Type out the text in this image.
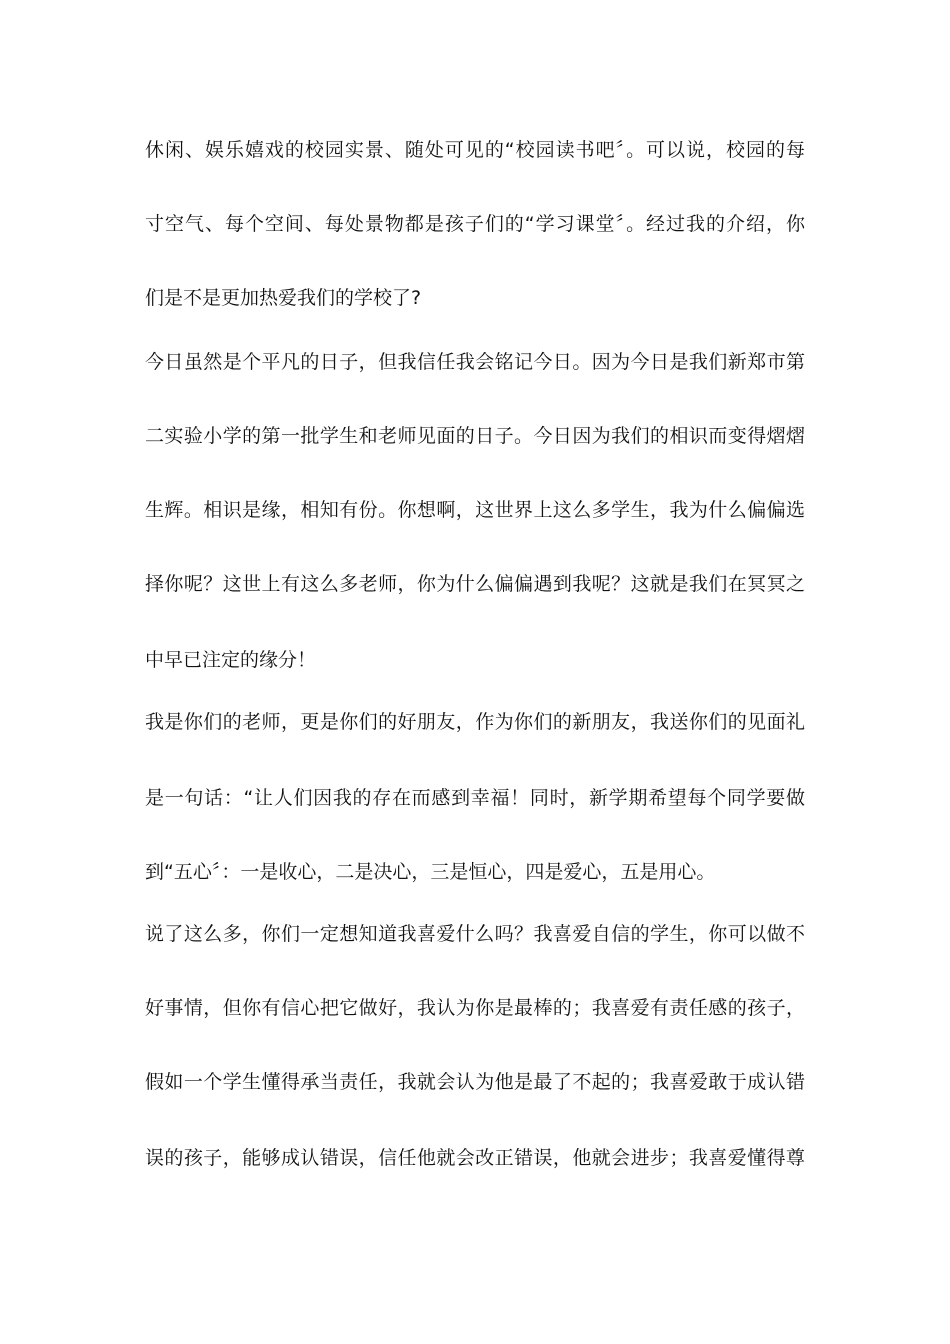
休闲、娱乐嬉戏的校园实景、随处可见的“校园读书吧〞。可以说，校园的每
寸空气、每个空间、每处景物都是孩子们的“学习课堂〞。经过我的介绍，你
们是不是更加热爱我们的学校了?
今日虽然是个平凡的日子，但我信任我会铭记今日。因为今日是我们新郑市第
二实验小学的第一批学生和老师见面的日子。今日因为我们的相识而变得熠熠
生辉。相识是缘，相知有份。你想啊，这世界上这么多学生，我为什么偏偏选
择你呢？这世上有这么多老师，你为什么偏偏遇到我呢？这就是我们在冥冥之
中早已注定的缘分！
我是你们的老师，更是你们的好朋友，作为你们的新朋友，我送你们的见面礼
是一句话：“让人们因我的存在而感到幸福！同时，新学期希望每个同学要做
到“五心〞：一是收心，二是决心，三是恒心，四是爱心，五是用心。
说了这么多，你们一定想知道我喜爱什么吗？我喜爱自信的学生，你可以做不
好事情，但你有信心把它做好，我认为你是最棒的；我喜爱有责任感的孩子，
假如一个学生懂得承当责任，我就会认为他是最了不起的；我喜爱敢于成认错
误的孩子，能够成认错误，信任他就会改正错误，他就会进步；我喜爱懂得尊
